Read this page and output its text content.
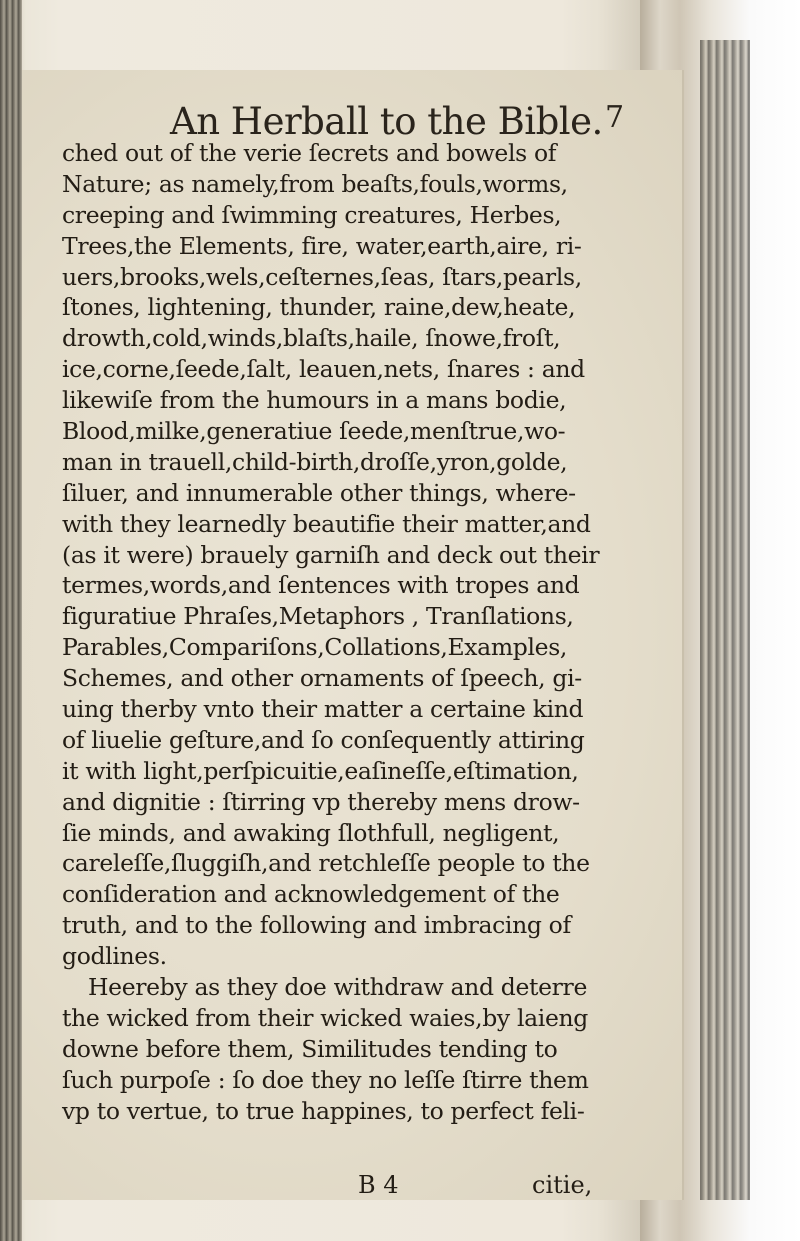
An Herball to the Bible. 7
ched out of the verie ſecrets and bowels of
Nature; as namely,from beaſts,fouls,worms,
creeping and ſwimming creatures, Herbes,
Trees,the Elements, fire, water,earth,aire, ri-
uers,brooks,wels,ceſternes,ſeas, ſtars,pearls,
ſtones, lightening, thunder, raine,dew,heate,
drowth,cold,winds,blaſts,haile, ſnowe,froſt,
ice,corne,ſeede,ſalt, leauen,nets, ſnares : and
likewiſe from the humours in a mans bodie,
Blood,milke,generatiue ſeede,menſtrue,wo-
man in trauell,child-birth,droſſe,yron,golde,
ſiluer, and innumerable other things, where-
with they learnedly beautifie their matter,and
(as it were) brauely garniſh and deck out their
termes,words,and ſentences with tropes and
figuratiue Phraſes,Metaphors , Tranſlations,
Parables,Compariſons,Collations,Examples,
Schemes, and other ornaments of ſpeech, gi-
uing therby vnto their matter a certaine kind
of liuelie geſture,and ſo conſequently attiring
it with light,perſpicuitie,eaſineſſe,eſtimation,
and dignitie : ſtirring vp thereby mens drow-
ſie minds, and awaking ſlothfull, negligent,
careleſſe,ſluggiſh,and retchleſſe people to the
conſideration and acknowledgement of the
truth, and to the following and imbracing of
godlines.
Heereby as they doe withdraw and deterre
the wicked from their wicked waies,by laieng
downe before them, Similitudes tending to
ſuch purpoſe : ſo doe they no leſſe ſtirre them
vp to vertue, to true happines, to perfect feli-
B 4	citie,
